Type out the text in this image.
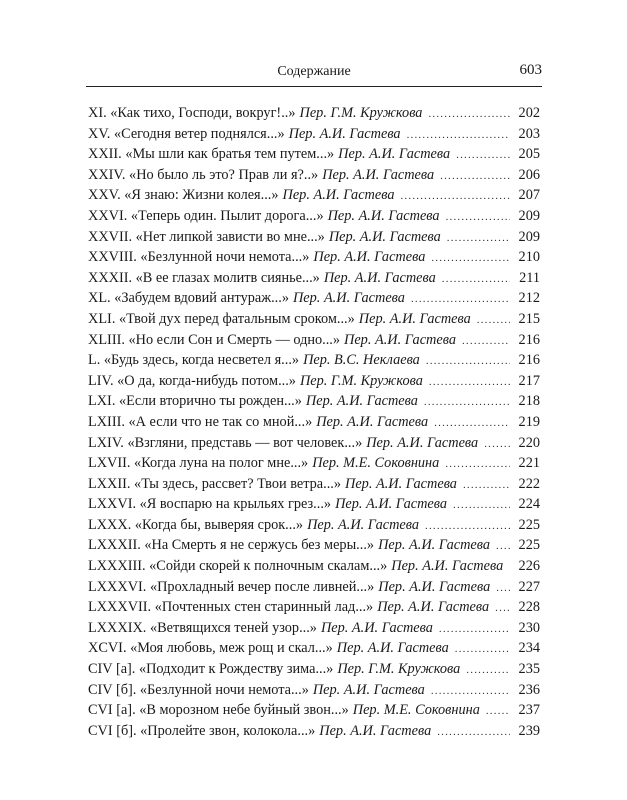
Содержание	603
XI. «Как тихо, Господи, вокруг!..» Пер. Г.М. Кружкова .....	202
XV. «Сегодня ветер поднялся...» Пер. А.И. Гастева .....	203
XXII. «Мы шли как братья тем путем...» Пер. А.И. Гастева .....	205
XXIV. «Но было ль это? Прав ли я?..» Пер. А.И. Гастева .....	206
XXV. «Я знаю: Жизни колея...» Пер. А.И. Гастева .....	207
XXVI. «Теперь один. Пылит дорога...» Пер. А.И. Гастева .....	209
XXVII. «Нет липкой зависти во мне...» Пер. А.И. Гастева .....	209
XXVIII. «Безлунной ночи немота...» Пер. А.И. Гастева .....	210
XXXII. «В ее глазах молитв сиянье...» Пер. А.И. Гастева .....	211
XL. «Забудем вдовий антураж...» Пер. А.И. Гастева .....	212
XLI. «Твой дух перед фатальным сроком...» Пер. А.И. Гастева .....	215
XLIII. «Но если Сон и Смерть — одно...» Пер. А.И. Гастева .....	216
L. «Будь здесь, когда несветел я...» Пер. В.С. Неклаева .....	216
LIV. «О да, когда-нибудь потом...» Пер. Г.М. Кружкова .....	217
LXI. «Если вторично ты рожден...» Пер. А.И. Гастева .....	218
LXIII. «А если что не так со мной...» Пер. А.И. Гастева .....	219
LXIV. «Взгляни, представь — вот человек...» Пер. А.И. Гастева .....	220
LXVII. «Когда луна на полог мне...» Пер. М.Е. Соковнина .....	221
LXXII. «Ты здесь, рассвет? Твои ветра...» Пер. А.И. Гастева .....	222
LXXVI. «Я воспарю на крыльях грез...» Пер. А.И. Гастева .....	224
LXXX. «Когда бы, выверяя срок...» Пер. А.И. Гастева .....	225
LXXXII. «На Смерть я не сержусь без меры...» Пер. А.И. Гастева .....	225
LXXXIII. «Сойди скорей к полночным скалам...» Пер. А.И. Гастева .....	226
LXXXVI. «Прохладный вечер после ливней...» Пер. А.И. Гастева .....	227
LXXXVII. «Почтенных стен старинный лад...» Пер. А.И. Гастева .....	228
LXXXIX. «Ветвящихся теней узор...» Пер. А.И. Гастева .....	230
XCVI. «Моя любовь, меж рощ и скал...» Пер. А.И. Гастева .....	234
CIV [а]. «Подходит к Рождеству зима...» Пер. Г.М. Кружкова .....	235
CIV [б]. «Безлунной ночи немота...» Пер. А.И. Гастева .....	236
CVI [а]. «В морозном небе буйный звон...» Пер. М.Е. Соковнина .....	237
CVI [б]. «Пролейте звон, колокола...» Пер. А.И. Гастева .....	239
